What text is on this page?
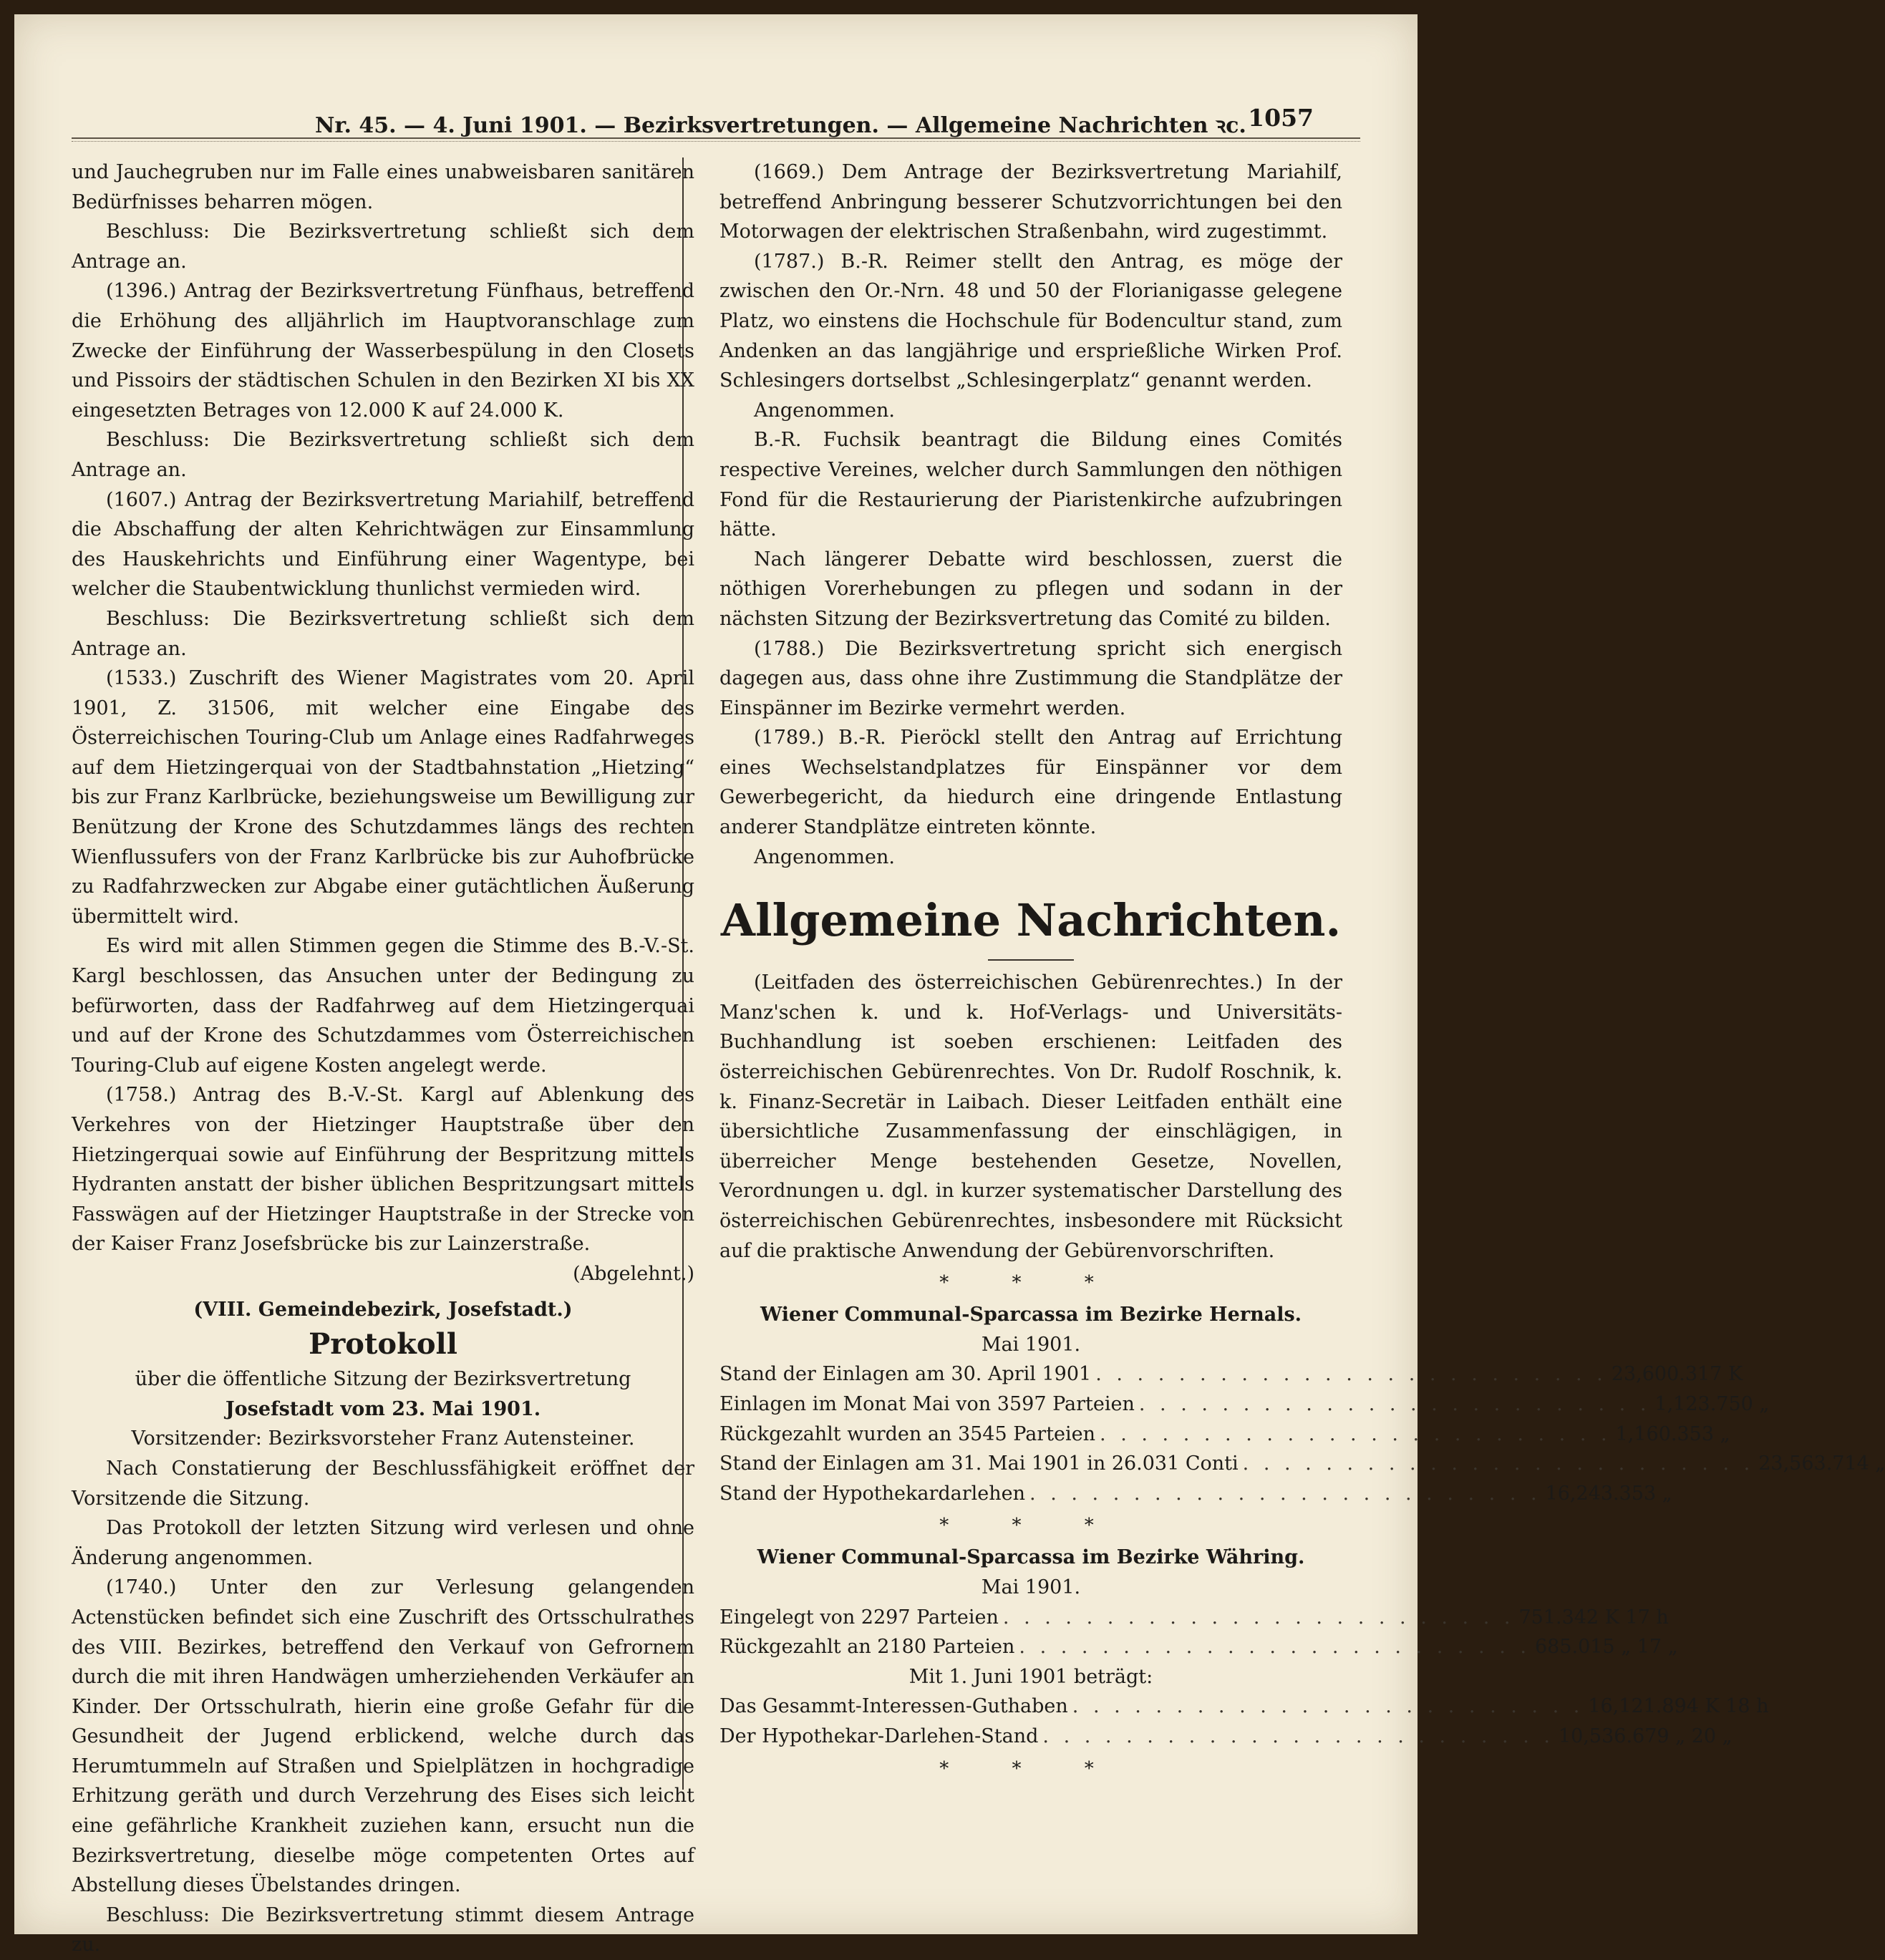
Nr. 45. — 4. Juni 1901. — Bezirksvertretungen. — Allgemeine Nachrichten ꝛc. 1057

und Jauchegruben nur im Falle eines unabweisbaren sanitären Bedürfnisses beharren mögen.

Beschluss: Die Bezirksvertretung schließt sich dem Antrage an.

(1396.) Antrag der Bezirksvertretung Fünfhaus, betreffend die Erhöhung des alljährlich im Hauptvoranschlage zum Zwecke der Einführung der Wasserbespülung in den Closets und Pissoirs der städtischen Schulen in den Bezirken XI bis XX eingesetzten Betrages von 12.000 K auf 24.000 K.

Beschluss: Die Bezirksvertretung schließt sich dem Antrage an.

(1607.) Antrag der Bezirksvertretung Mariahilf, betreffend die Abschaffung der alten Kehrichtwägen zur Einsammlung des Hauskehrichts und Einführung einer Wagentype, bei welcher die Staubentwicklung thunlichst vermieden wird.

Beschluss: Die Bezirksvertretung schließt sich dem Antrage an.

(1533.) Zuschrift des Wiener Magistrates vom 20. April 1901, Z. 31506, mit welcher eine Eingabe des Österreichischen Touring-Club um Anlage eines Radfahrweges auf dem Hietzingerquai von der Stadtbahnstation „Hietzing“ bis zur Franz Karlbrücke, beziehungsweise um Bewilligung zur Benützung der Krone des Schutzdammes längs des rechten Wienflussufers von der Franz Karlbrücke bis zur Auhofbrücke zu Radfahrzwecken zur Abgabe einer gutächtlichen Äußerung übermittelt wird.

Es wird mit allen Stimmen gegen die Stimme des B.-V.-St. Kargl beschlossen, das Ansuchen unter der Bedingung zu befürworten, dass der Radfahrweg auf dem Hietzingerquai und auf der Krone des Schutzdammes vom Österreichischen Touring-Club auf eigene Kosten angelegt werde.

(1758.) Antrag des B.-V.-St. Kargl auf Ablenkung des Verkehres von der Hietzinger Hauptstraße über den Hietzingerquai sowie auf Einführung der Bespritzung mittels Hydranten anstatt der bisher üblichen Bespritzungsart mittels Fasswägen auf der Hietzinger Hauptstraße in der Strecke von der Kaiser Franz Josefsbrücke bis zur Lainzerstraße.

(Abgelehnt.)

(VIII. Gemeindebezirk, Josefstadt.)

Protokoll

über die öffentliche Sitzung der Bezirksvertretung

Josefstadt vom 23. Mai 1901.

Vorsitzender: Bezirksvorsteher Franz Autensteiner.

Nach Constatierung der Beschlussfähigkeit eröffnet der Vorsitzende die Sitzung.

Das Protokoll der letzten Sitzung wird verlesen und ohne Änderung angenommen.

(1740.) Unter den zur Verlesung gelangenden Actenstücken befindet sich eine Zuschrift des Ortsschulrathes des VIII. Bezirkes, betreffend den Verkauf von Gefrornem durch die mit ihren Handwägen umherziehenden Verkäufer an Kinder. Der Ortsschulrath, hierin eine große Gefahr für die Gesundheit der Jugend erblickend, welche durch das Herumtummeln auf Straßen und Spielplätzen in hochgradige Erhitzung geräth und durch Verzehrung des Eises sich leicht eine gefährliche Krankheit zuziehen kann, ersucht nun die Bezirksvertretung, dieselbe möge competenten Ortes auf Abstellung dieses Übelstandes dringen.

Beschluss: Die Bezirksvertretung stimmt diesem Antrage zu.

(1669.) Dem Antrage der Bezirksvertretung Mariahilf, betreffend Anbringung besserer Schutzvorrichtungen bei den Motorwagen der elektrischen Straßenbahn, wird zugestimmt.

(1787.) B.-R. Reimer stellt den Antrag, es möge der zwischen den Or.-Nrn. 48 und 50 der Florianigasse gelegene Platz, wo einstens die Hochschule für Bodencultur stand, zum Andenken an das langjährige und ersprießliche Wirken Prof. Schlesingers dortselbst „Schlesingerplatz“ genannt werden.

Angenommen.

B.-R. Fuchsik beantragt die Bildung eines Comités respective Vereines, welcher durch Sammlungen den nöthigen Fond für die Restaurierung der Piaristenkirche aufzubringen hätte.

Nach längerer Debatte wird beschlossen, zuerst die nöthigen Vorerhebungen zu pflegen und sodann in der nächsten Sitzung der Bezirksvertretung das Comité zu bilden.

(1788.) Die Bezirksvertretung spricht sich energisch dagegen aus, dass ohne ihre Zustimmung die Standplätze der Einspänner im Bezirke vermehrt werden.

(1789.) B.-R. Pieröckl stellt den Antrag auf Errichtung eines Wechselstandplatzes für Einspänner vor dem Gewerbegericht, da hiedurch eine dringende Entlastung anderer Standplätze eintreten könnte.

Angenommen.

Allgemeine Nachrichten.

(Leitfaden des österreichischen Gebürenrechtes.) In der Manz'schen k. und k. Hof-Verlags- und Universitäts-Buchhandlung ist soeben erschienen: Leitfaden des österreichischen Gebürenrechtes. Von Dr. Rudolf Roschnik, k. k. Finanz-Secretär in Laibach. Dieser Leitfaden enthält eine übersichtliche Zusammenfassung der einschlägigen, in überreicher Menge bestehenden Gesetze, Novellen, Verordnungen u. dgl. in kurzer systematischer Darstellung des österreichischen Gebürenrechtes, insbesondere mit Rücksicht auf die praktische Anwendung der Gebürenvorschriften.

* * *

Wiener Communal-Sparcassa im Bezirke Hernals.

Mai 1901.

Stand der Einlagen am 30. April 1901 . . . . . . . . . . . . . . . . . . . . . . . . . 23,600.317 K
Einlagen im Monat Mai von 3597 Parteien . . . . . . . . . . . . . . . . . . . . . . . . . 1,123.750 „
Rückgezahlt wurden an 3545 Parteien . . . . . . . . . . . . . . . . . . . . . . . . . 1,160.353 „
Stand der Einlagen am 31. Mai 1901 in 26.031 Conti . . . . . . . . . . . . . . . . . . . . . . . . . 23,563.714 „
Stand der Hypothekardarlehen . . . . . . . . . . . . . . . . . . . . . . . . . 16,243.353 „
* * *

Wiener Communal-Sparcassa im Bezirke Währing.

Mai 1901.

Eingelegt von 2297 Parteien . . . . . . . . . . . . . . . . . . . . . . . . . 751.342 K 17 h
Rückgezahlt an 2180 Parteien . . . . . . . . . . . . . . . . . . . . . . . . . 685.015 „ 17 „

Mit 1. Juni 1901 beträgt:

Das Gesammt-Interessen-Guthaben . . . . . . . . . . . . . . . . . . . . . . . . . 16,121.894 K 18 h
Der Hypothekar-Darlehen-Stand . . . . . . . . . . . . . . . . . . . . . . . . . 10,536.679 „ 20 „
* * *
